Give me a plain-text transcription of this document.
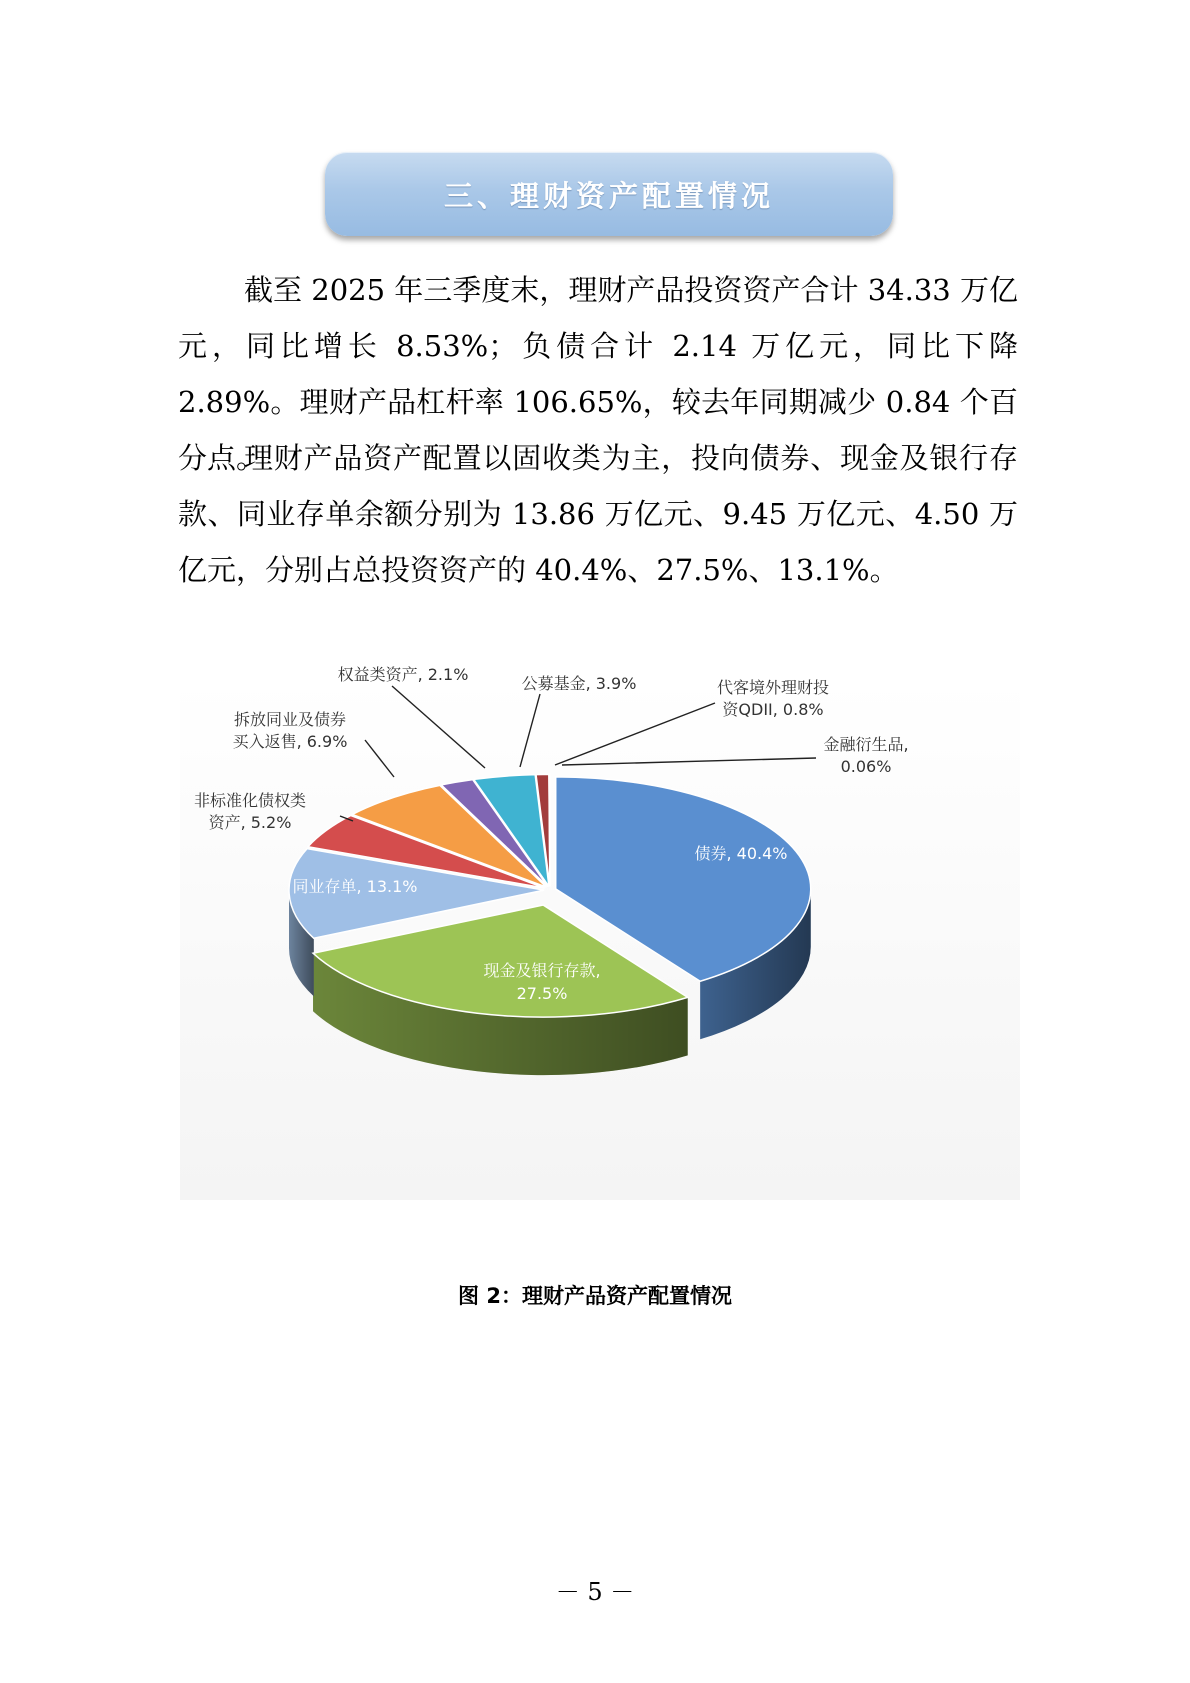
三、理财资产配置情况

截至 2025 年三季度末，理财产品投资资产合计 34.33 万亿元，同比增长 8.53%；负债合计 2.14 万亿元，同比下降 2.89%。理财产品杠杆率 106.65%，较去年同期减少 0.84 个百分点。

理财产品资产配置以固收类为主，投向债券、现金及银行存款、同业存单余额分别为 13.86 万亿元、9.45 万亿元、4.50 万亿元，分别占总投资资产的 40.4%、27.5%、13.1%。

债券, 40.4%
现金及银行存款, 27.5%
同业存单, 13.1%
非标准化债权类资产, 5.2%
拆放同业及债券买入返售, 6.9%
权益类资产, 2.1%	公募基金, 3.9%	代客境外理财投资QDII, 0.8%
金融衍生品, 0.06%
图 2：理财产品资产配置情况
－ 5 －
